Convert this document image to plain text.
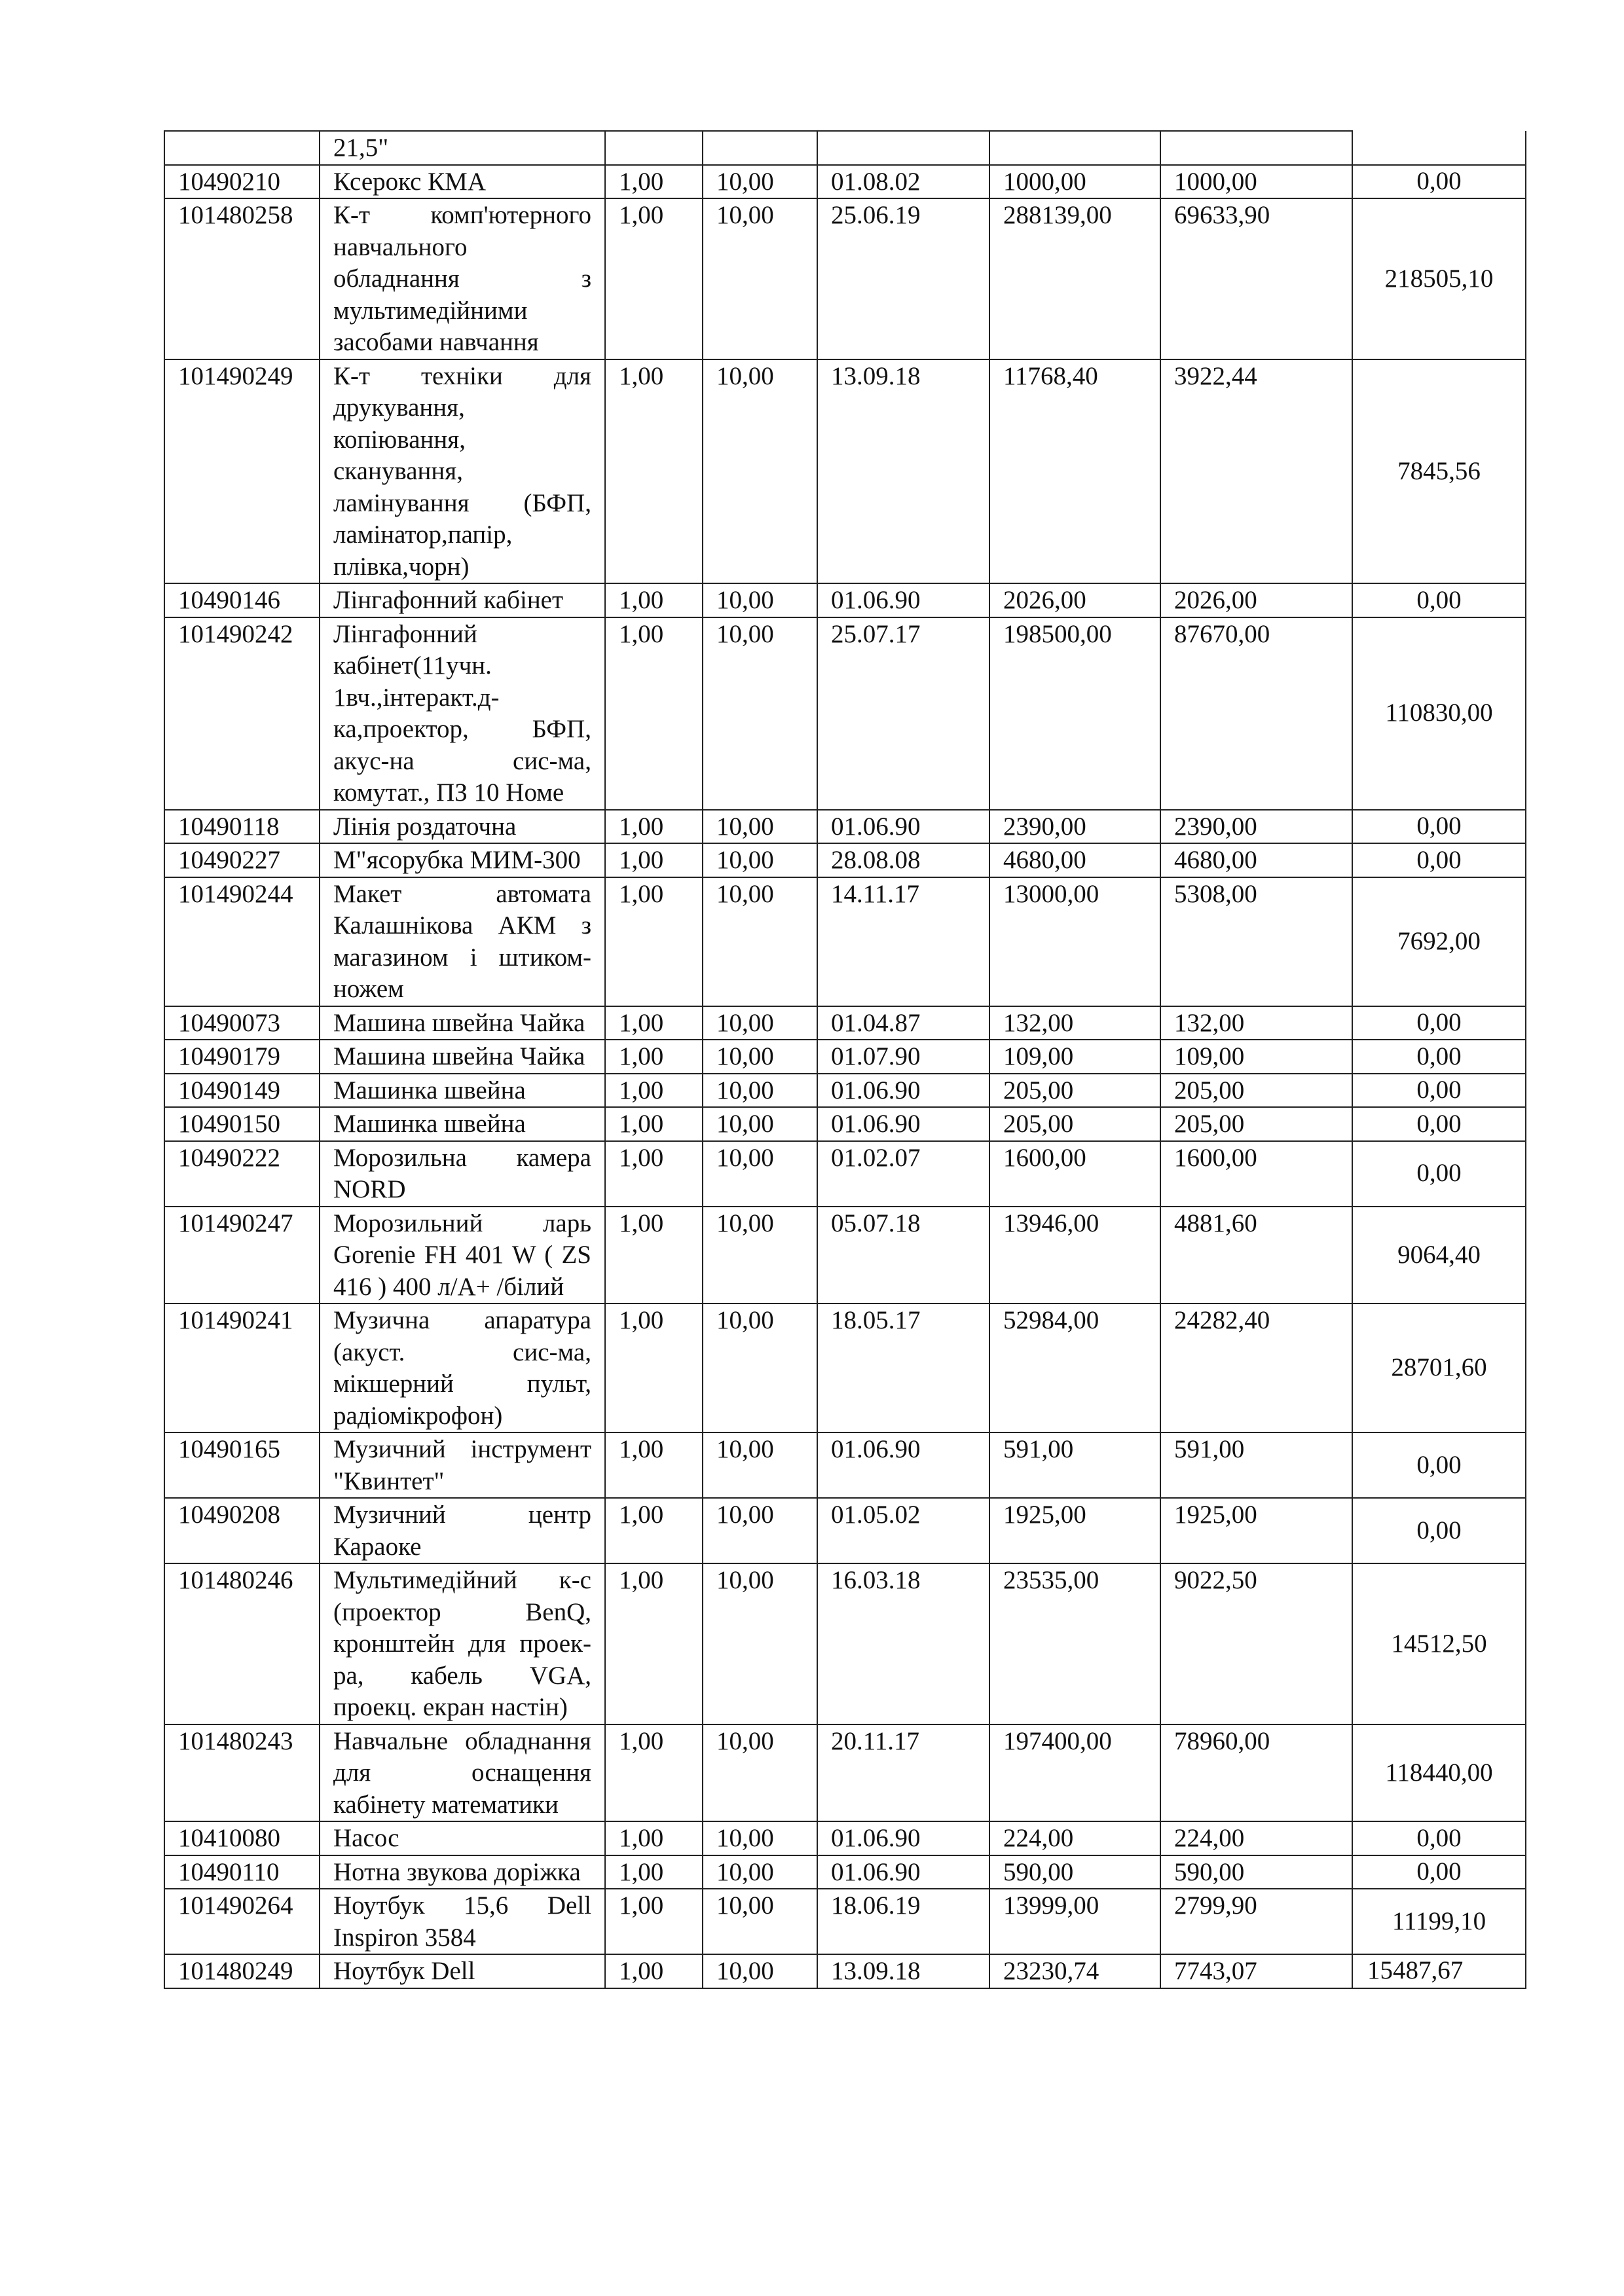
	21,5"						
10490210	Ксерокс КМА	1,00	10,00	01.08.02	1000,00	1000,00	0,00
101480258	К-т комп'ютерного навчального обладнання з мультимедійними засобами навчання	1,00	10,00	25.06.19	288139,00	69633,90	218505,10
101490249	К-т техніки для друкування, копіювання, сканування, ламінування (БФП, ламінатор,папір, плівка,чорн)	1,00	10,00	13.09.18	11768,40	3922,44	7845,56
10490146	Лінгафонний кабінет	1,00	10,00	01.06.90	2026,00	2026,00	0,00
101490242	Лінгафонний кабінет(11учн. 1вч.,інтеракт.д-ка,проектор, БФП, акус-на сис-ма, комутат., ПЗ 10 Номе	1,00	10,00	25.07.17	198500,00	87670,00	110830,00
10490118	Лінія роздаточна	1,00	10,00	01.06.90	2390,00	2390,00	0,00
10490227	М"ясорубка МИМ-300	1,00	10,00	28.08.08	4680,00	4680,00	0,00
101490244	Макет автомата Калашнікова АКМ з магазином і штиком-ножем	1,00	10,00	14.11.17	13000,00	5308,00	7692,00
10490073	Машина швейна Чайка	1,00	10,00	01.04.87	132,00	132,00	0,00
10490179	Машина швейна Чайка	1,00	10,00	01.07.90	109,00	109,00	0,00
10490149	Машинка швейна	1,00	10,00	01.06.90	205,00	205,00	0,00
10490150	Машинка швейна	1,00	10,00	01.06.90	205,00	205,00	0,00
10490222	Морозильна камера NORD	1,00	10,00	01.02.07	1600,00	1600,00	0,00
101490247	Морозильний ларь Gorenie FH 401 W ( ZS 416 ) 400 л/А+ /білий	1,00	10,00	05.07.18	13946,00	4881,60	9064,40
101490241	Музична апаратура (акуст. сис-ма, мікшерний пульт, радіомікрофон)	1,00	10,00	18.05.17	52984,00	24282,40	28701,60
10490165	Музичний інструмент "Квинтет"	1,00	10,00	01.06.90	591,00	591,00	0,00
10490208	Музичний центр Караоке	1,00	10,00	01.05.02	1925,00	1925,00	0,00
101480246	Мультимедійний к-с (проектор BenQ, кронштейн для проек-ра, кабель VGA, проекц. екран настін)	1,00	10,00	16.03.18	23535,00	9022,50	14512,50
101480243	Навчальне обладнання для оснащення кабінету математики	1,00	10,00	20.11.17	197400,00	78960,00	118440,00
10410080	Насос	1,00	10,00	01.06.90	224,00	224,00	0,00
10490110	Нотна звукова доріжка	1,00	10,00	01.06.90	590,00	590,00	0,00
101490264	Ноутбук 15,6 Dell Inspiron 3584	1,00	10,00	18.06.19	13999,00	2799,90	11199,10
101480249	Ноутбук Dell	1,00	10,00	13.09.18	23230,74	7743,07	15487,67
